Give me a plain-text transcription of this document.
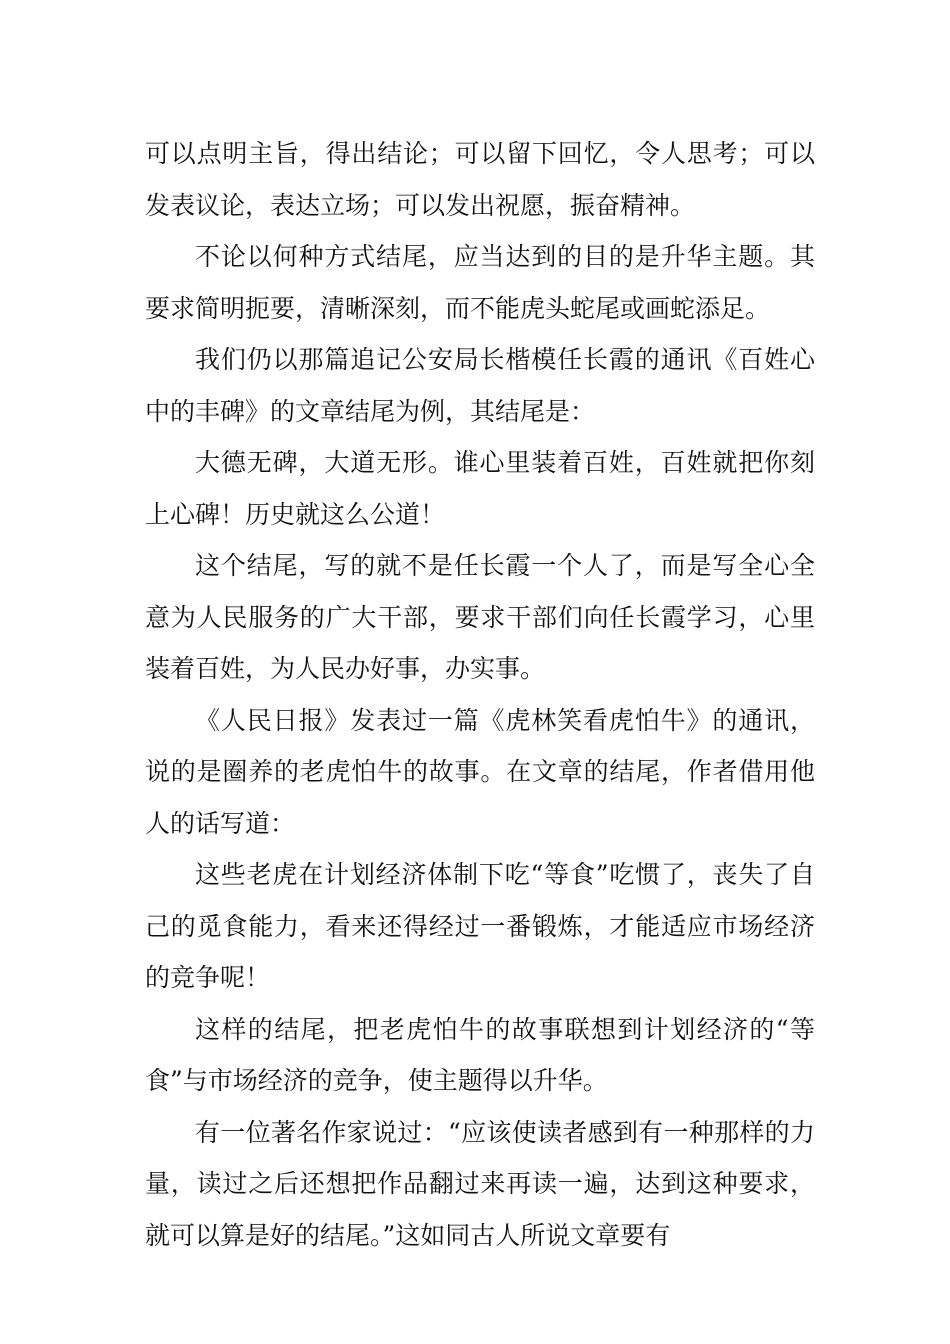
可以点明主旨，得出结论；可以留下回忆，令人思考；可以发表议论，表达立场；可以发出祝愿，振奋精神。

不论以何种方式结尾，应当达到的目的是升华主题。其要求简明扼要，清晰深刻，而不能虎头蛇尾或画蛇添足。

我们仍以那篇追记公安局长楷模任长霞的通讯《百姓心中的丰碑》的文章结尾为例，其结尾是：

大德无碑，大道无形。谁心里装着百姓，百姓就把你刻上心碑！历史就这么公道！

这个结尾，写的就不是任长霞一个人了，而是写全心全意为人民服务的广大干部，要求干部们向任长霞学习，心里装着百姓，为人民办好事，办实事。

《人民日报》发表过一篇《虎林笑看虎怕牛》的通讯，说的是圈养的老虎怕牛的故事。在文章的结尾，作者借用他人的话写道：

这些老虎在计划经济体制下吃“等食”吃惯了，丧失了自己的觅食能力，看来还得经过一番锻炼，才能适应市场经济的竞争呢！

这样的结尾，把老虎怕牛的故事联想到计划经济的“等食”与市场经济的竞争，使主题得以升华。

有一位著名作家说过：“应该使读者感到有一种那样的力量，读过之后还想把作品翻过来再读一遍，达到这种要求，就可以算是好的结尾。”这如同古人所说文章要有
